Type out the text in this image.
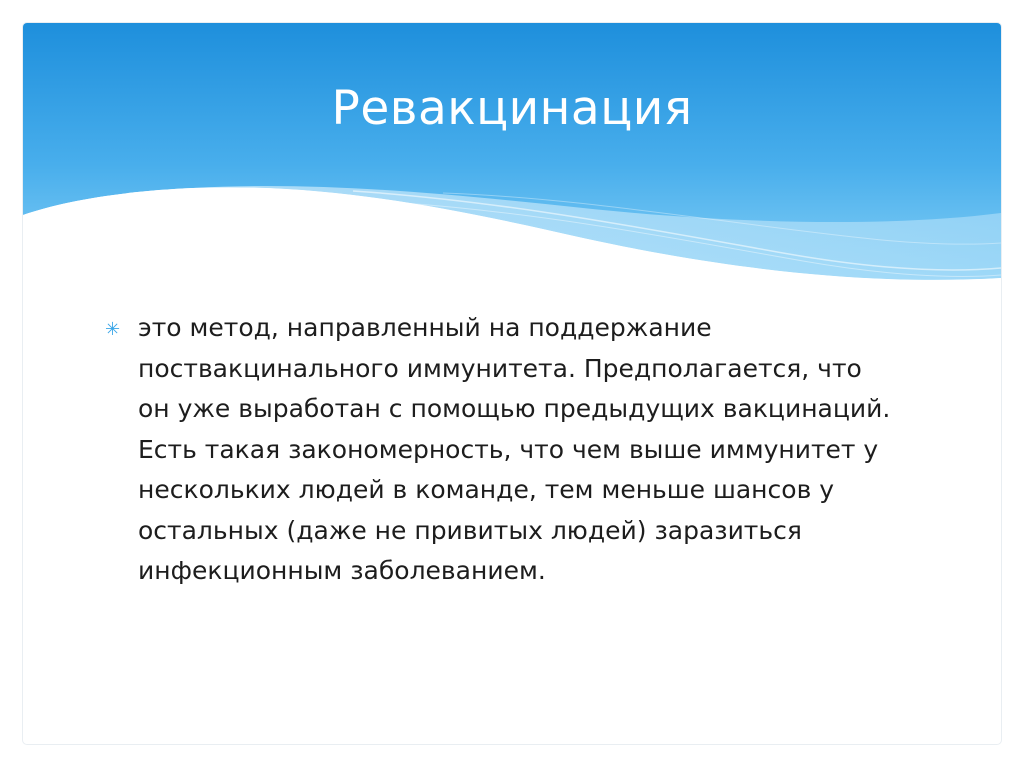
Ревакцинация
✳ это метод, направленный на поддержание поствакцинального иммунитета. Предполагается, что он уже выработан с помощью предыдущих вакцинаций. Есть такая закономерность, что чем выше иммунитет у нескольких людей в команде, тем меньше шансов у остальных (даже не привитых людей) заразиться инфекционным заболеванием.
